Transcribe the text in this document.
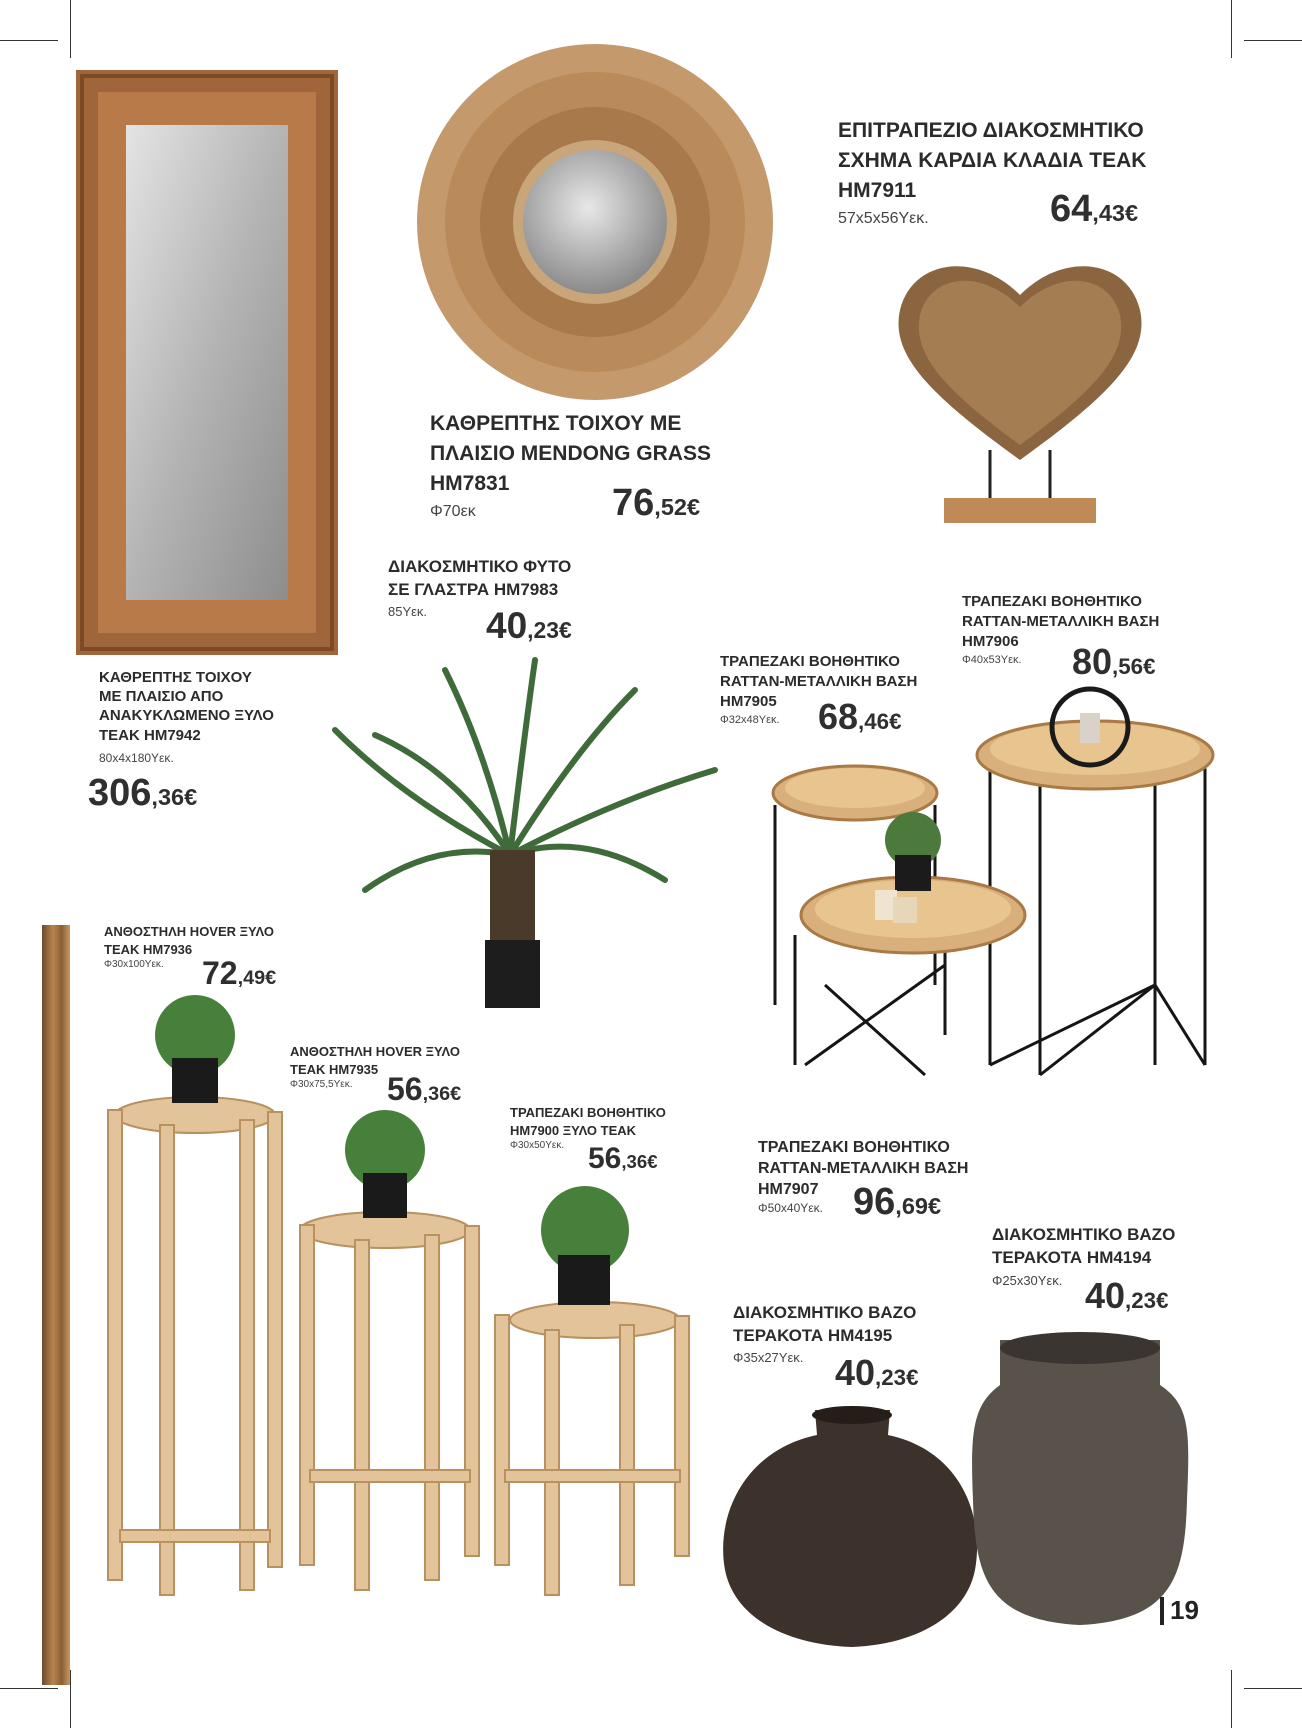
ΚΑΘΡΕΠΤΗΣ ΤΟΙΧΟΥ
ΜΕ ΠΛΑΙΣΙΟ ΑΠΟ
ΑΝΑΚΥΚΛΩΜΕΝΟ ΞΥΛΟ
TEAK HM7942
80x4x180Υεκ.
306,36€
ΚΑΘΡΕΠΤΗΣ ΤΟΙΧΟΥ ΜΕ
ΠΛΑΙΣΙΟ MENDONG GRASS
HM7831
Φ70εκ	76,52€
ΕΠΙΤΡΑΠΕΖΙΟ ΔΙΑΚΟΣΜΗΤΙΚΟ
ΣΧΗΜΑ ΚΑΡΔΙΑ ΚΛΑΔΙΑ TEAK
HM7911
57x5x56Υεκ.	64,43€
ΔΙΑΚΟΣΜΗΤΙΚΟ ΦΥΤΟ
ΣΕ ΓΛΑΣΤΡΑ HM7983
85Υεκ. 40,23€
ΤΡΑΠΕΖΑΚΙ ΒΟΗΘΗΤΙΚΟ
RATTAN-ΜΕΤΑΛΛΙΚΗ ΒΑΣΗ
HM7905
Φ32x48Υεκ. 68,46€
ΤΡΑΠΕΖΑΚΙ ΒΟΗΘΗΤΙΚΟ
RATTAN-ΜΕΤΑΛΛΙΚΗ ΒΑΣΗ
HM7906
Φ40x53Υεκ. 80,56€
ΑΝΘΟΣΤΗΛΗ HOVER ΞΥΛΟ
TEAK HM7936
Φ30x100Υεκ. 72,49€
ΑΝΘΟΣΤΗΛΗ HOVER ΞΥΛΟ
TEAK HM7935
Φ30x75,5Υεκ. 56,36€
ΤΡΑΠΕΖΑΚΙ ΒΟΗΘΗΤΙΚΟ
HM7900 ΞΥΛΟ TEAK
Φ30x50Υεκ. 56,36€
ΤΡΑΠΕΖΑΚΙ ΒΟΗΘΗΤΙΚΟ
RATTAN-ΜΕΤΑΛΛΙΚΗ ΒΑΣΗ
HM7907
Φ50x40Υεκ. 96,69€
ΔΙΑΚΟΣΜΗΤΙΚΟ ΒΑΖΟ
ΤΕΡΑΚΟΤΑ HM4194
Φ25x30Υεκ. 40,23€
ΔΙΑΚΟΣΜΗΤΙΚΟ ΒΑΖΟ
ΤΕΡΑΚΟΤΑ HM4195
Φ35x27Υεκ. 40,23€
19
